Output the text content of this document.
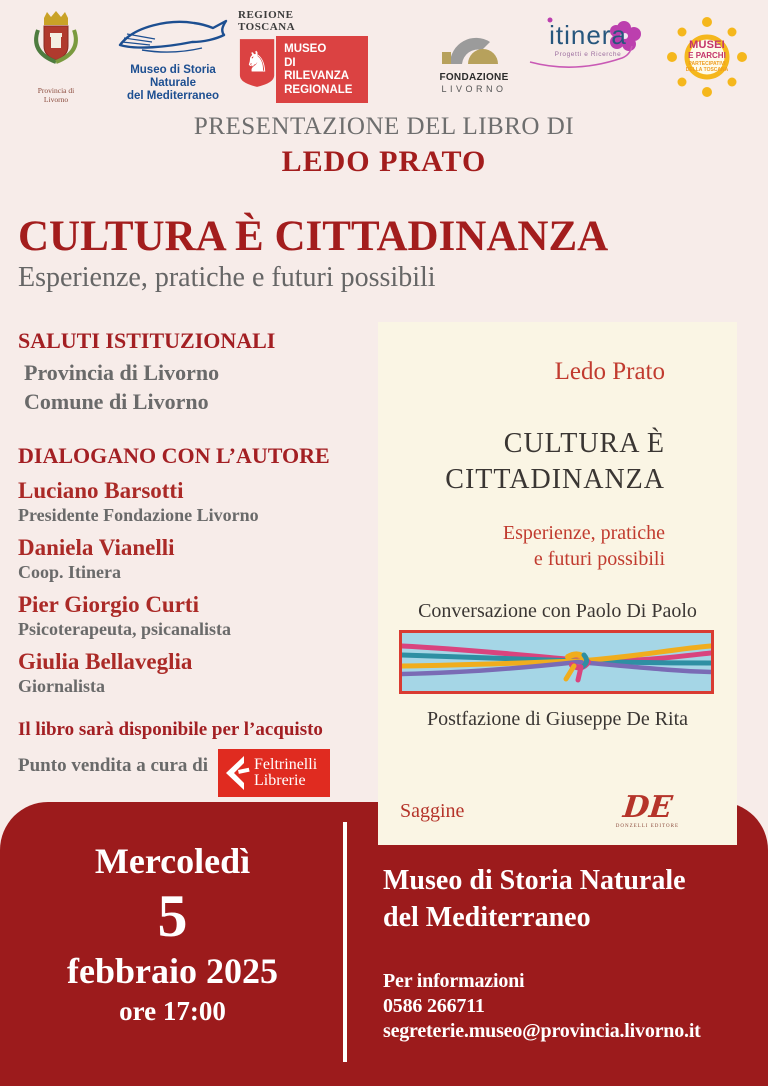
Provincia di
Livorno
Museo di Storia Naturale
del Mediterraneo
REGIONE
TOSCANA
♞ MUSEO
DI RILEVANZA
REGIONALE
FONDAZIONE
LIVORNO
itinera
Progetti e Ricerche
MUSEI
E PARCHI
PARTECIPATIVI
DELLA TOSCANA
PRESENTAZIONE DEL LIBRO DI
LEDO PRATO
CULTURA È CITTADINANZA
Esperienze, pratiche e futuri possibili
SALUTI ISTITUZIONALI
Provincia di Livorno
Comune di Livorno
DIALOGANO CON L’AUTORE
Luciano Barsotti
Presidente Fondazione Livorno
Daniela Vianelli
Coop. Itinera
Pier Giorgio Curti
Psicoterapeuta, psicanalista
Giulia Bellaveglia
Giornalista
Il libro sarà disponibile per l’acquisto
Punto vendita a cura di	Feltrinelli
Librerie
Ledo Prato
CULTURA È
CITTADINANZA
Esperienze, pratiche
e futuri possibili
Conversazione con Paolo Di Paolo
Postfazione di Giuseppe De Rita
Saggine	DE
DONZELLI EDITORE
Mercoledì
5
febbraio 2025
ore 17:00
Museo di Storia Naturale
del Mediterraneo
Per informazioni
0586 266711
segreterie.museo@provincia.livorno.it
